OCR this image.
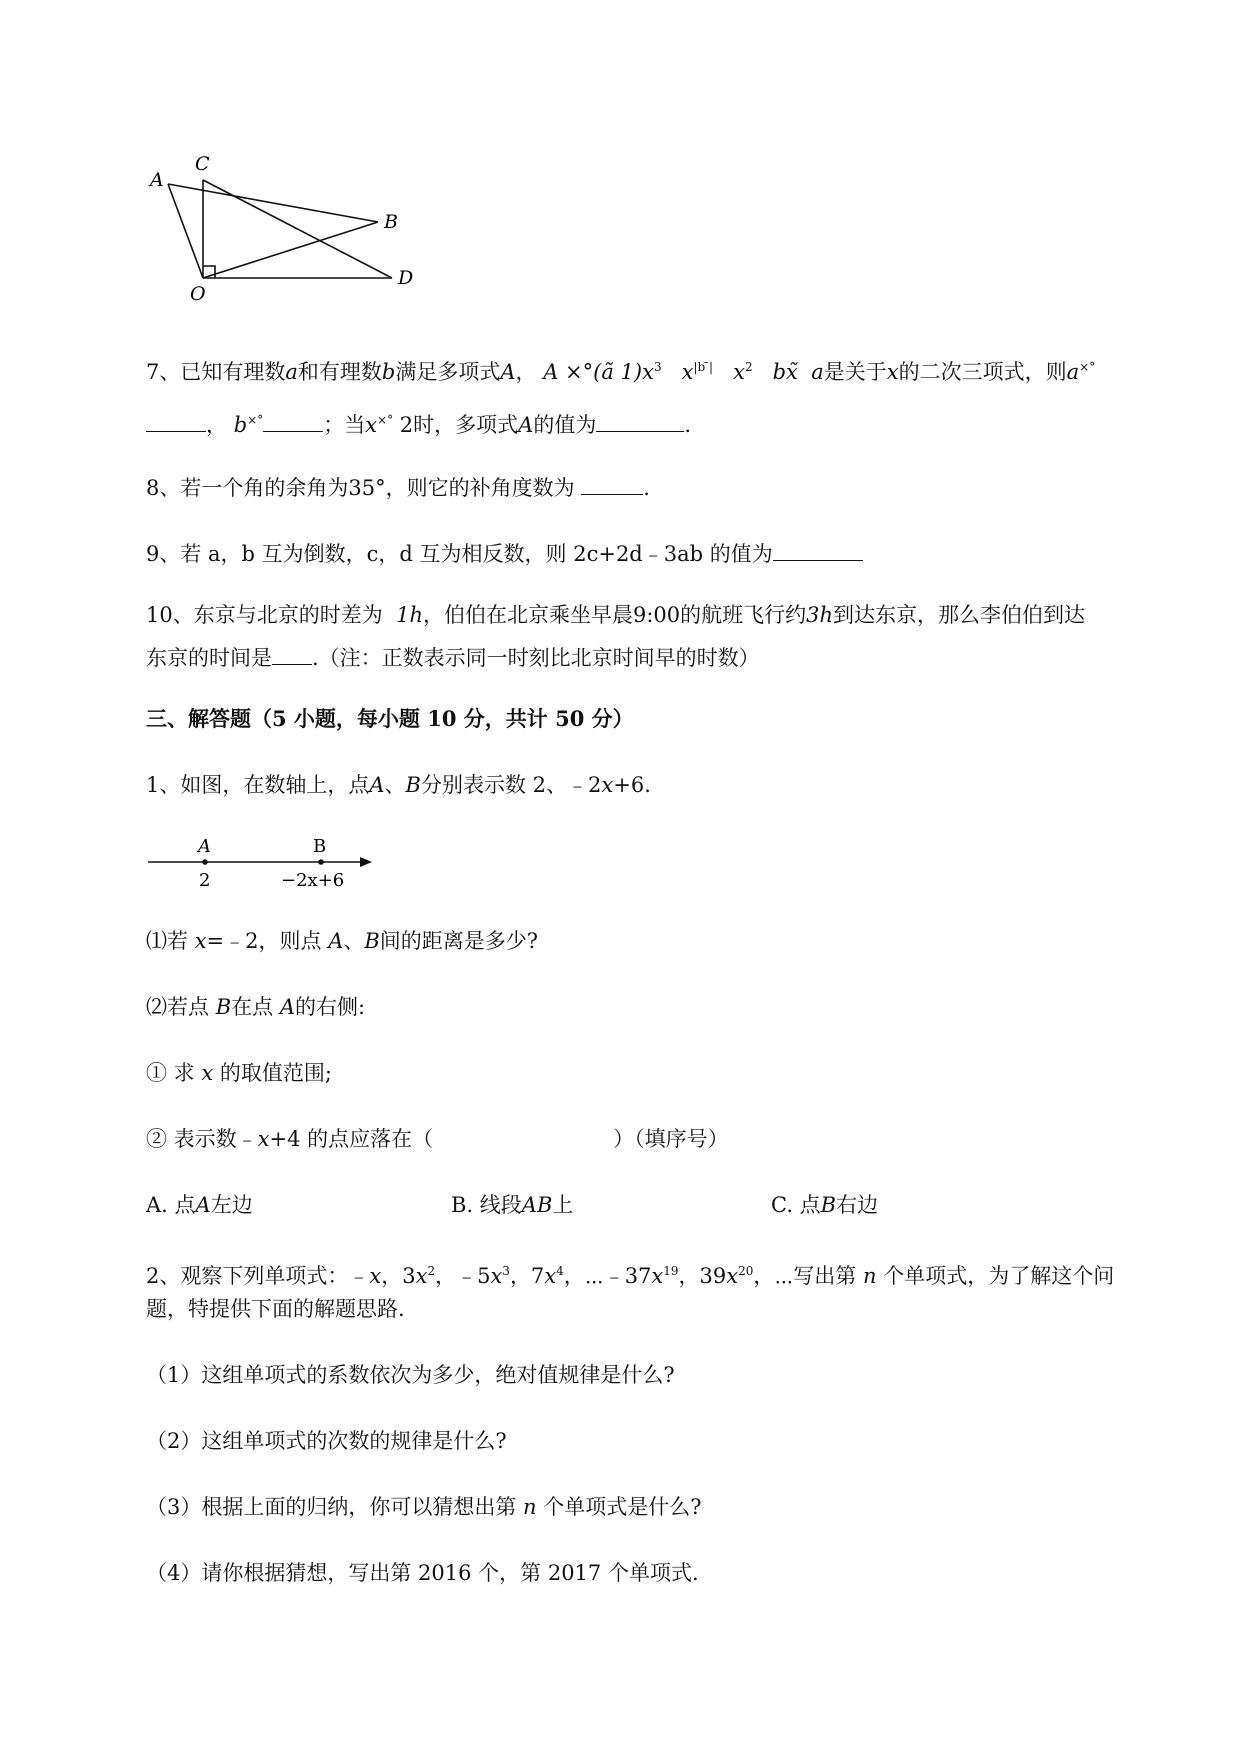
A
C
B
O
D
7、已知有理数a和有理数b满足多项式A， A ×°(ã $1)x^3$ $x^{|b ̄|}$ $x^2$ bx̃ a是关于x的二次三项式，则a×°
， b×°	；当x×° 2时，多项式A的值为	.
8、若一个角的余角为35°，则它的补角度数为	.
9、若 a，b 互为倒数，c，d 互为相反数，则 2c+2d﹣3ab 的值为
10、东京与北京的时差为 1h，伯伯在北京乘坐早晨9:00的航班飞行约3h到达东京，那么李伯伯到达
东京的时间是 .（注：正数表示同一时刻比北京时间早的时数）
三、解答题（5 小题，每小题 10 分，共计 50 分）
1、如图，在数轴上，点A、B分别表示数 2、﹣2x+6.
A	B
2	−2x+6
⑴若 x=﹣2，则点 A、B间的距离是多少?
⑵若点 B在点 A的右侧:
① 求 x 的取值范围;
② 表示数﹣x+4 的点应落在（	）（填序号）
A. 点A左边	B. 线段AB上	C. 点B右边
2、观察下列单项式：﹣x，$3x^2$，$﹣5x^3$，$7x^4$，$\cdots﹣37x^{19}$，$39x^{20}$，⋯写出第 n 个单项式，为了解这个问
题，特提供下面的解题思路.
（1）这组单项式的系数依次为多少，绝对值规律是什么?
（2）这组单项式的次数的规律是什么?
（3）根据上面的归纳，你可以猜想出第 n 个单项式是什么?
（4）请你根据猜想，写出第 2016 个，第 2017 个单项式.
